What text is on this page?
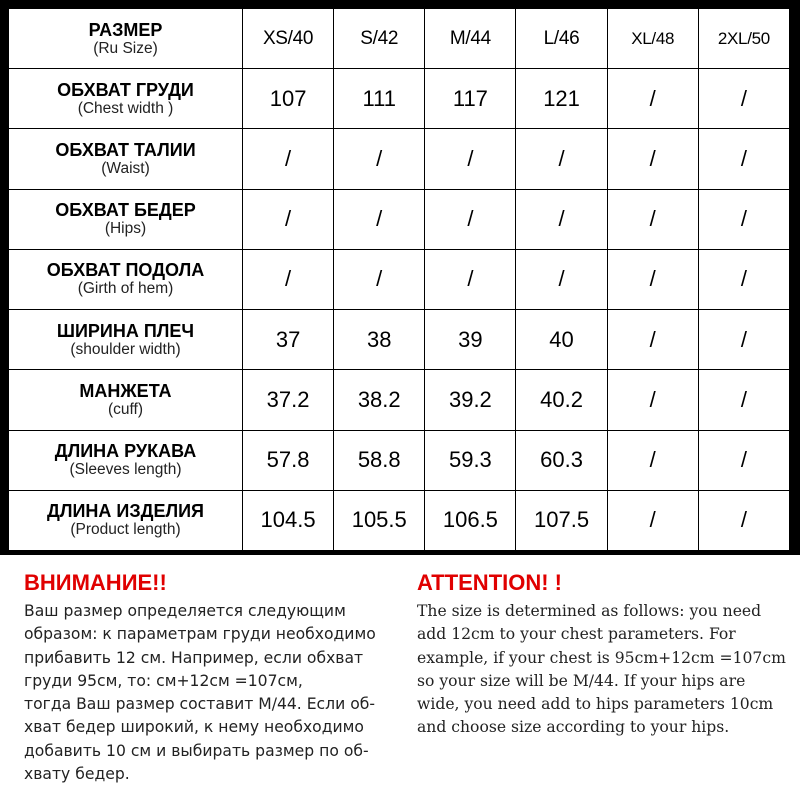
РАЗМЕР
(Ru Size)	XS/40	S/42	M/44	L/46	XL/48	2XL/50

ОБХВАТ ГРУДИ
(Chest width )	107	111	117	121	/	/

ОБХВАТ ТАЛИИ
(Waist)	/	/	/	/	/	/

ОБХВАТ БЕДЕР
(Hips)	/	/	/	/	/	/

ОБХВАТ ПОДОЛА
(Girth of hem)	/	/	/	/	/	/

ШИРИНА ПЛЕЧ
(shoulder width)	37	38	39	40	/	/

МАНЖЕТА
(cuff)	37.2	38.2	39.2	40.2	/	/

ДЛИНА РУКАВА
(Sleeves length)	57.8	58.8	59.3	60.3	/	/

ДЛИНА ИЗДЕЛИЯ
(Product length)	104.5	105.5	106.5	107.5	/	/

ВНИМАНИЕ!!

Ваш размер определяется следующим
образом: к параметрам груди необходимо
прибавить 12 см. Например, если обхват
груди 95см, то: см+12см =107см,
тогда Ваш размер составит M/44. Если об-
хват бедер широкий, к нему необходимо
добавить 10 см и выбирать размер по об-
хвату бедер.

ATTENTION! !

The size is determined as follows: you need
add 12cm to your chest parameters. For
example, if your chest is 95cm+12cm =107cm
so your size will be M/44. If your hips are
wide, you need add to hips parameters 10cm
and choose size according to your hips.
